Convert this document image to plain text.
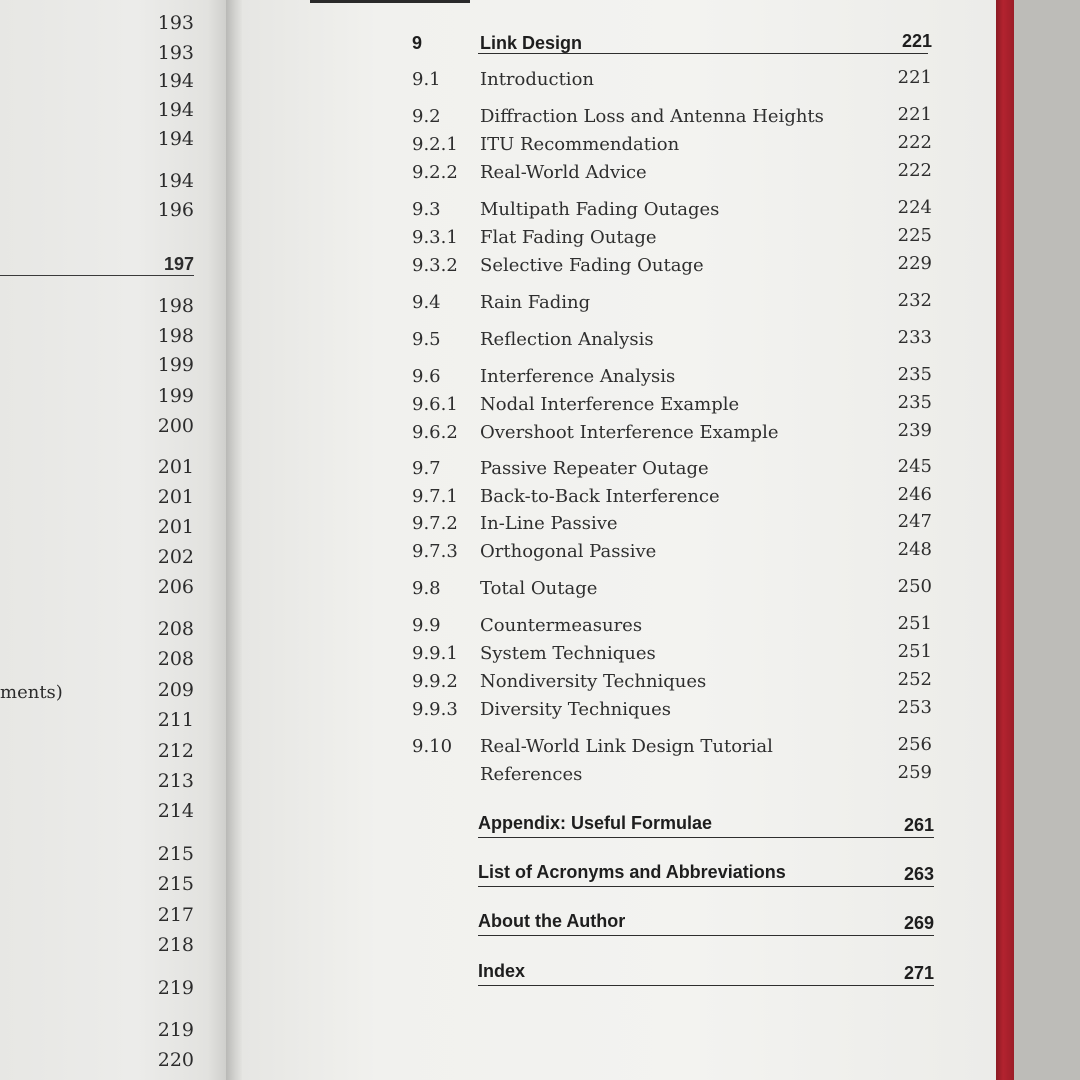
193
193
194
194
194
194
196
197
198
198
199
199
200
201
201
201
202
206
208
208
209
211
212
213
214
215
215
217
218
219
219
220
ments)
9	Link Design	221
9.1 Introduction	221
9.2 Diffraction Loss and Antenna Heights	221
9.2.1 ITU Recommendation	222
9.2.2 Real-World Advice	222
9.3 Multipath Fading Outages	224
9.3.1 Flat Fading Outage	225
9.3.2 Selective Fading Outage	229
9.4 Rain Fading	232
9.5 Reflection Analysis	233
9.6 Interference Analysis	235
9.6.1 Nodal Interference Example	235
9.6.2 Overshoot Interference Example	239
9.7 Passive Repeater Outage	245
9.7.1 Back-to-Back Interference	246
9.7.2 In-Line Passive	247
9.7.3 Orthogonal Passive	248
9.8 Total Outage	250
9.9 Countermeasures	251
9.9.1 System Techniques	251
9.9.2 Nondiversity Techniques	252
9.9.3 Diversity Techniques	253
9.10 Real-World Link Design Tutorial	256
References	259
Appendix: Useful Formulae	261
List of Acronyms and Abbreviations	263
About the Author	269
Index	271
